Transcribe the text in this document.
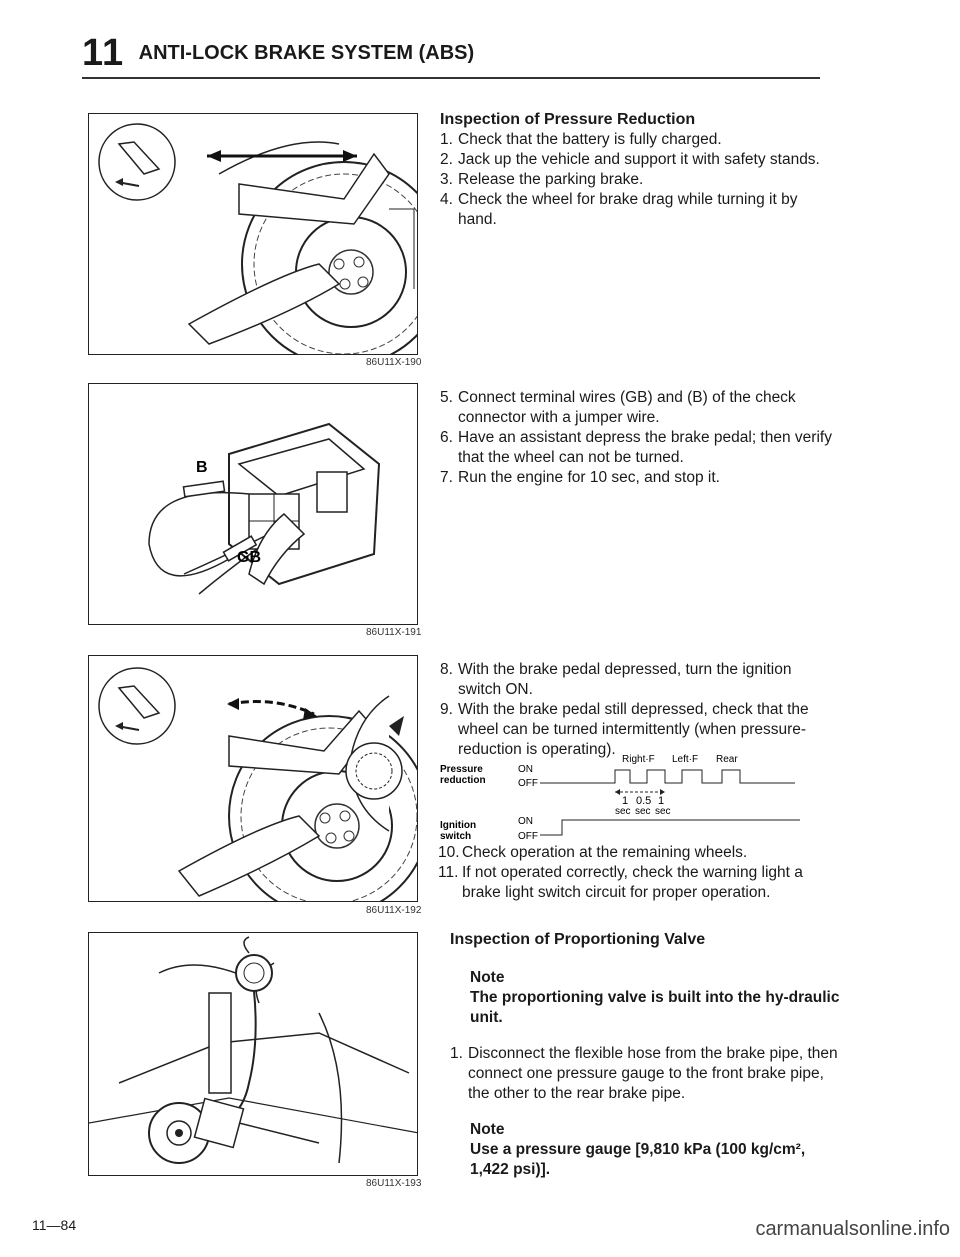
11 ANTI-LOCK BRAKE SYSTEM (ABS)
86U11X-190
Inspection of Pressure Reduction
1. Check that the battery is fully charged.
2. Jack up the vehicle and support it with safety stands.
3. Release the parking brake.
4. Check the wheel for brake drag while turning it by hand.
B
GB
86U11X-191
5. Connect terminal wires (GB) and (B) of the check connector with a jumper wire.
6. Have an assistant depress the brake pedal; then verify that the wheel can not be turned.
7. Run the engine for 10 sec, and stop it.
86U11X-192
8. With the brake pedal depressed, turn the ignition switch ON.
9. With the brake pedal still depressed, check that the wheel can be turned intermittently (when pressure-reduction is operating).
Right·F Left·F Rear
Pressure
reduction
ON
OFF
1 0.5 1
sec sec sec
Ignition
switch
ON
OFF
10. Check operation at the remaining wheels.
11. If not operated correctly, check the warning light a brake light switch circuit for proper operation.
86U11X-193
Inspection of Proportioning Valve
Note
The proportioning valve is built into the hy-draulic unit.
1. Disconnect the flexible hose from the brake pipe, then connect one pressure gauge to the front brake pipe, the other to the rear brake pipe.
Note
Use a pressure gauge [9,810 kPa (100 kg/cm², 1,422 psi)].
11—84	carmanualsonline.info
